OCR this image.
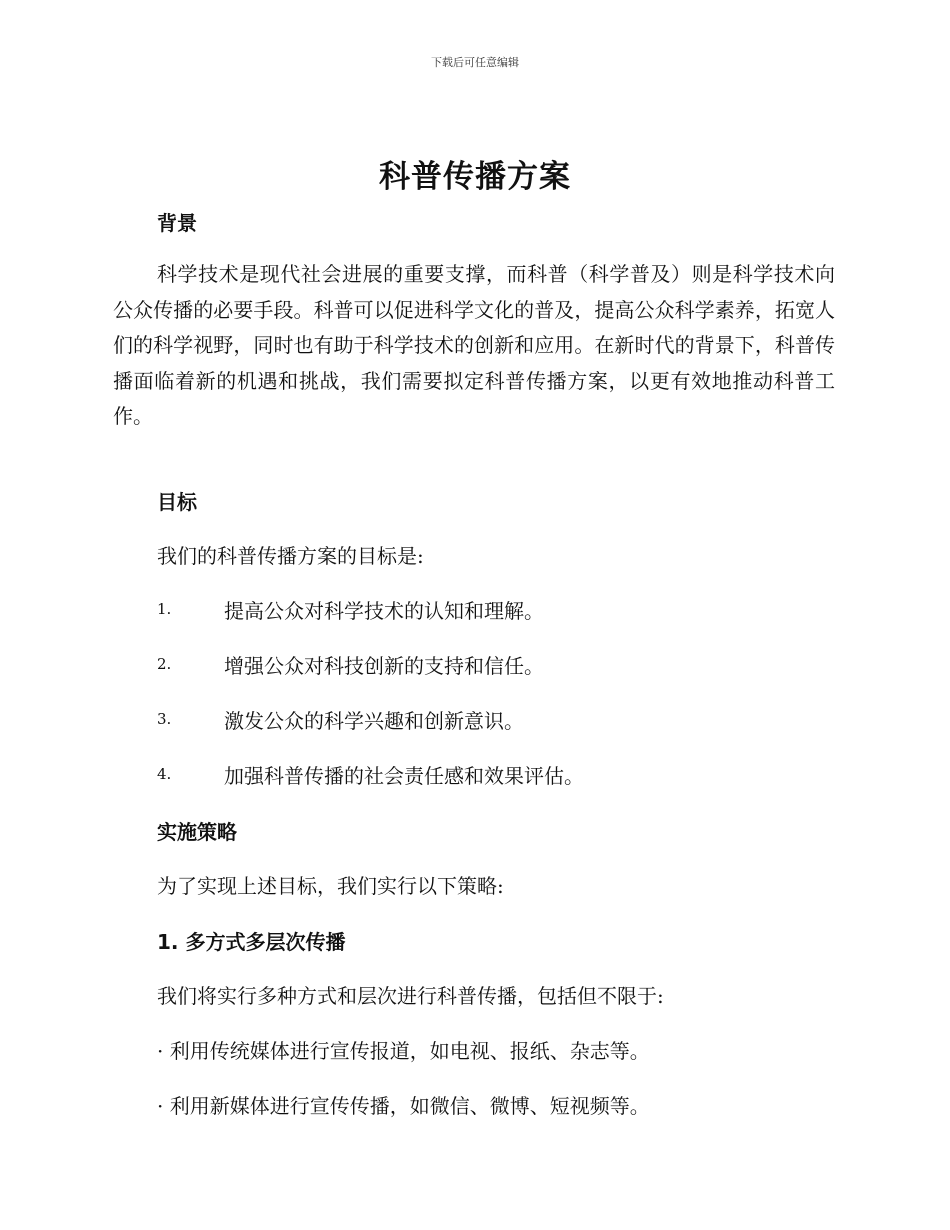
下载后可任意编辑
科普传播方案
背景
科学技术是现代社会进展的重要支撑，而科普（科学普及）则是科学技术向公众传播的必要手段。科普可以促进科学文化的普及，提高公众科学素养，拓宽人们的科学视野，同时也有助于科学技术的创新和应用。在新时代的背景下，科普传播面临着新的机遇和挑战，我们需要拟定科普传播方案，以更有效地推动科普工作。
目标
我们的科普传播方案的目标是:
1.	提高公众对科学技术的认知和理解。
2.	增强公众对科技创新的支持和信任。
3.	激发公众的科学兴趣和创新意识。
4.	加强科普传播的社会责任感和效果评估。
实施策略
为了实现上述目标，我们实行以下策略:
1. 多方式多层次传播
我们将实行多种方式和层次进行科普传播，包括但不限于:
· 利用传统媒体进行宣传报道，如电视、报纸、杂志等。
· 利用新媒体进行宣传传播，如微信、微博、短视频等。
